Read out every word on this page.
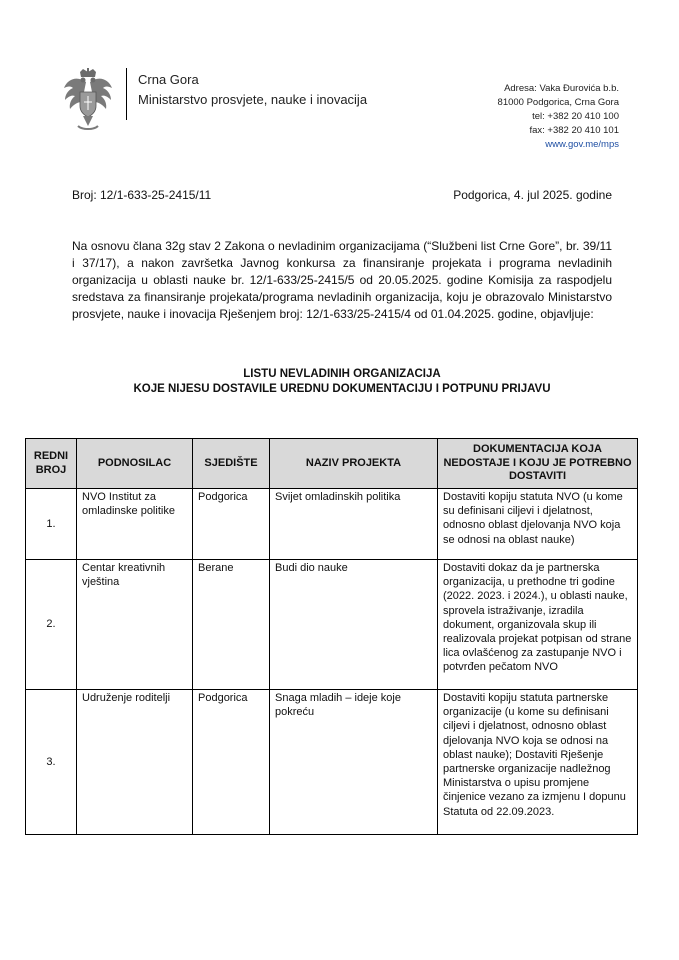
Crna Gora
Ministarstvo prosvjete, nauke i inovacija
Adresa: Vaka Đurovića b.b.
81000 Podgorica, Crna Gora
tel: +382 20 410 100
fax: +382 20 410 101
www.gov.me/mps
Broj: 12/1-633-25-2415/11	Podgorica, 4. jul 2025. godine
Na osnovu člana 32g stav 2 Zakona o nevladinim organizacijama (“Službeni list Crne Gore”, br. 39/11 i 37/17), a nakon završetka Javnog konkursa za finansiranje projekata i programa nevladinih organizacija u oblasti nauke br. 12/1-633/25-2415/5 od 20.05.2025. godine Komisija za raspodjelu sredstava za finansiranje projekata/programa nevladinih organizacija, koju je obrazovalo Ministarstvo prosvjete, nauke i inovacija Rješenjem broj: 12/1-633/25-2415/4 od 01.04.2025. godine, objavljuje:
LISTU NEVLADINIH ORGANIZACIJA
KOJE NIJESU DOSTAVILE UREDNU DOKUMENTACIJU I POTPUNU PRIJAVU
REDNI BROJ	PODNOSILAC	SJEDIŠTE	NAZIV PROJEKTA	DOKUMENTACIJA KOJA NEDOSTAJE I KOJU JE POTREBNO DOSTAVITI
1.	NVO Institut za omladinske politike	Podgorica	Svijet omladinskih politika	Dostaviti kopiju statuta NVO (u kome su definisani ciljevi i djelatnost, odnosno oblast djelovanja NVO koja se odnosi na oblast nauke)
2.	Centar kreativnih vještina	Berane	Budi dio nauke	Dostaviti dokaz da je partnerska organizacija, u prethodne tri godine (2022. 2023. i 2024.), u oblasti nauke, sprovela istraživanje, izradila dokument, organizovala skup ili realizovala projekat potpisan od strane lica ovlašćenog za zastupanje NVO i potvrđen pečatom NVO
3.	Udruženje roditelji	Podgorica	Snaga mladih – ideje koje pokreću	Dostaviti kopiju statuta partnerske organizacije (u kome su definisani ciljevi i djelatnost, odnosno oblast djelovanja NVO koja se odnosi na oblast nauke); Dostaviti Rješenje partnerske organizacije nadležnog Ministarstva o upisu promjene činjenice vezano za izmjenu I dopunu Statuta od 22.09.2023.
